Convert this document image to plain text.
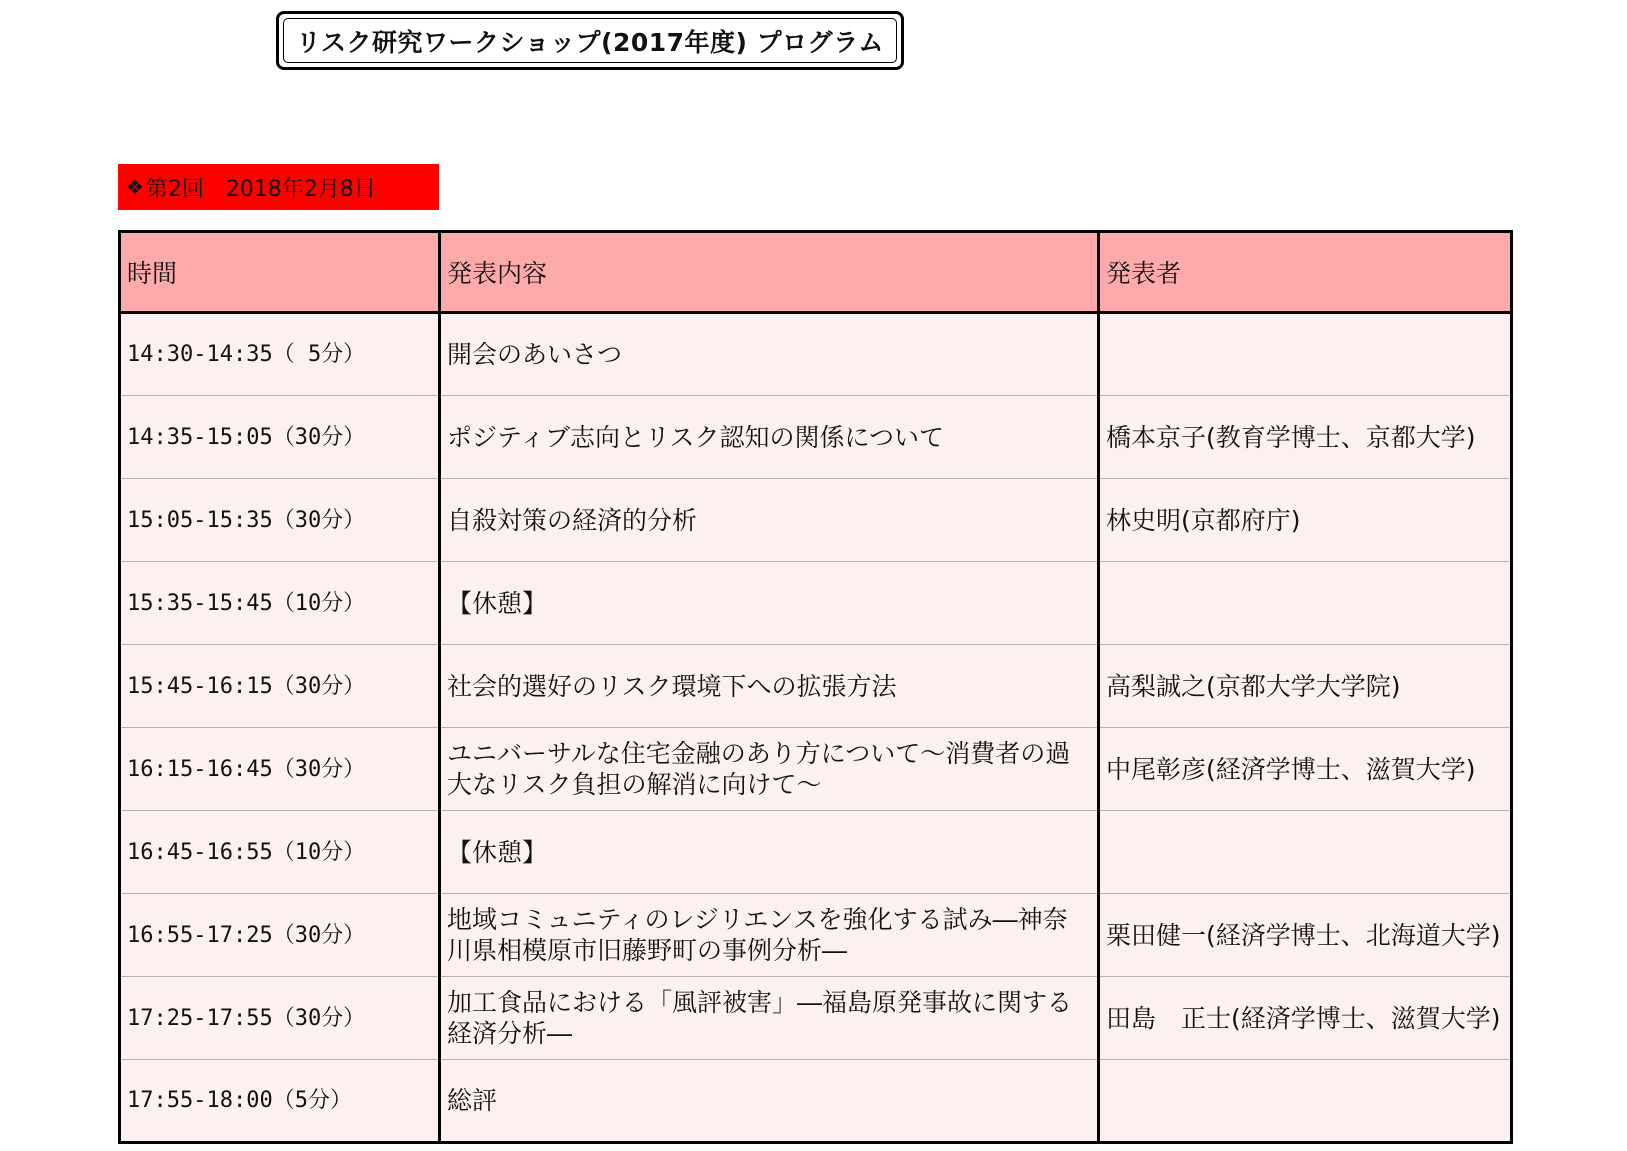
リスク研究ワークショップ(2017年度) プログラム
❖ 第2回　2018年2月8日
時間	発表内容	発表者
14:30-14:35（ 5分）	開会のあいさつ	
14:35-15:05（30分）	ポジティブ志向とリスク認知の関係について	橋本京子(教育学博士、京都大学)
15:05-15:35（30分）	自殺対策の経済的分析	林史明(京都府庁)
15:35-15:45（10分）	【休憩】	
15:45-16:15（30分）	社会的選好のリスク環境下への拡張方法	高梨誠之(京都大学大学院)
16:15-16:45（30分）	ユニバーサルな住宅金融のあり方について～消費者の過大なリスク負担の解消に向けて～	中尾彰彦(経済学博士、滋賀大学)
16:45-16:55（10分）	【休憩】	
16:55-17:25（30分）	地域コミュニティのレジリエンスを強化する試み―神奈川県相模原市旧藤野町の事例分析―	栗田健一(経済学博士、北海道大学)
17:25-17:55（30分）	加工食品における「風評被害」―福島原発事故に関する経済分析―	田島　正士(経済学博士、滋賀大学)
17:55-18:00（5分）	総評	
